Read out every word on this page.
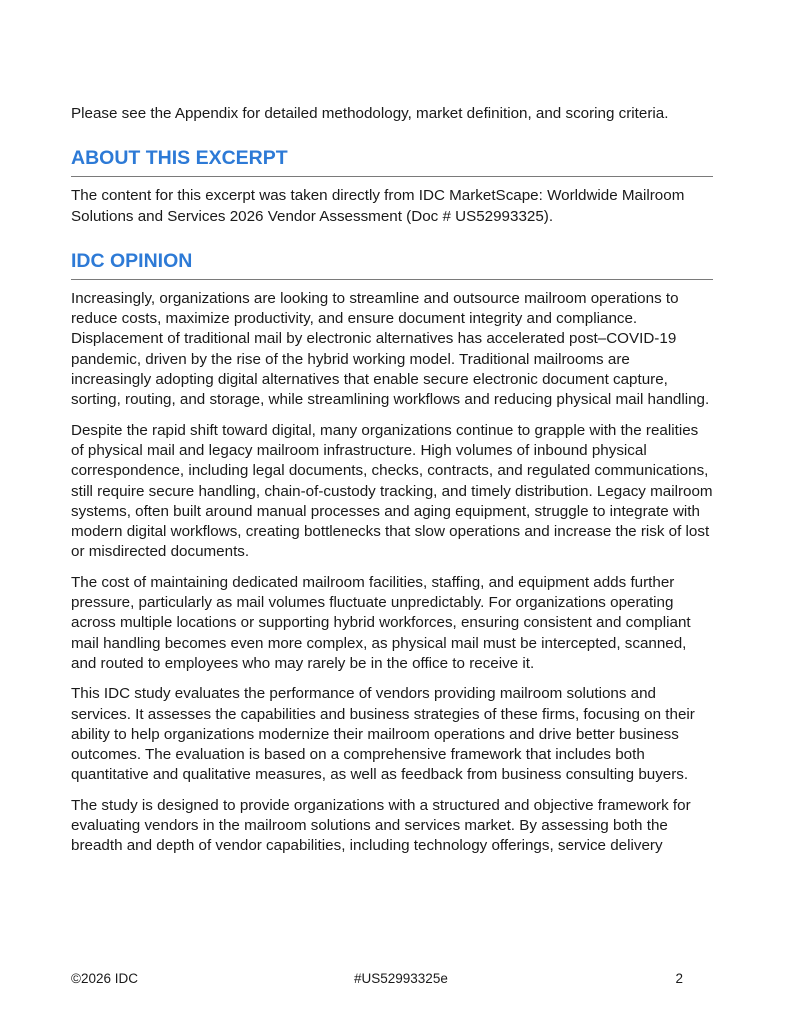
Please see the Appendix for detailed methodology, market definition, and scoring criteria.

ABOUT THIS EXCERPT

The content for this excerpt was taken directly from IDC MarketScape: Worldwide Mailroom Solutions and Services 2026 Vendor Assessment (Doc # US52993325).

IDC OPINION

Increasingly, organizations are looking to streamline and outsource mailroom operations to reduce costs, maximize productivity, and ensure document integrity and compliance. Displacement of traditional mail by electronic alternatives has accelerated post–COVID-19 pandemic, driven by the rise of the hybrid working model. Traditional mailrooms are increasingly adopting digital alternatives that enable secure electronic document capture, sorting, routing, and storage, while streamlining workflows and reducing physical mail handling.

Despite the rapid shift toward digital, many organizations continue to grapple with the realities of physical mail and legacy mailroom infrastructure. High volumes of inbound physical correspondence, including legal documents, checks, contracts, and regulated communications, still require secure handling, chain-of-custody tracking, and timely distribution. Legacy mailroom systems, often built around manual processes and aging equipment, struggle to integrate with modern digital workflows, creating bottlenecks that slow operations and increase the risk of lost or misdirected documents.

The cost of maintaining dedicated mailroom facilities, staffing, and equipment adds further pressure, particularly as mail volumes fluctuate unpredictably. For organizations operating across multiple locations or supporting hybrid workforces, ensuring consistent and compliant mail handling becomes even more complex, as physical mail must be intercepted, scanned, and routed to employees who may rarely be in the office to receive it.

This IDC study evaluates the performance of vendors providing mailroom solutions and services. It assesses the capabilities and business strategies of these firms, focusing on their ability to help organizations modernize their mailroom operations and drive better business outcomes. The evaluation is based on a comprehensive framework that includes both quantitative and qualitative measures, as well as feedback from business consulting buyers.

The study is designed to provide organizations with a structured and objective framework for evaluating vendors in the mailroom solutions and services market. By assessing both the breadth and depth of vendor capabilities, including technology offerings, service delivery

©2026 IDC	#US52993325e	2
